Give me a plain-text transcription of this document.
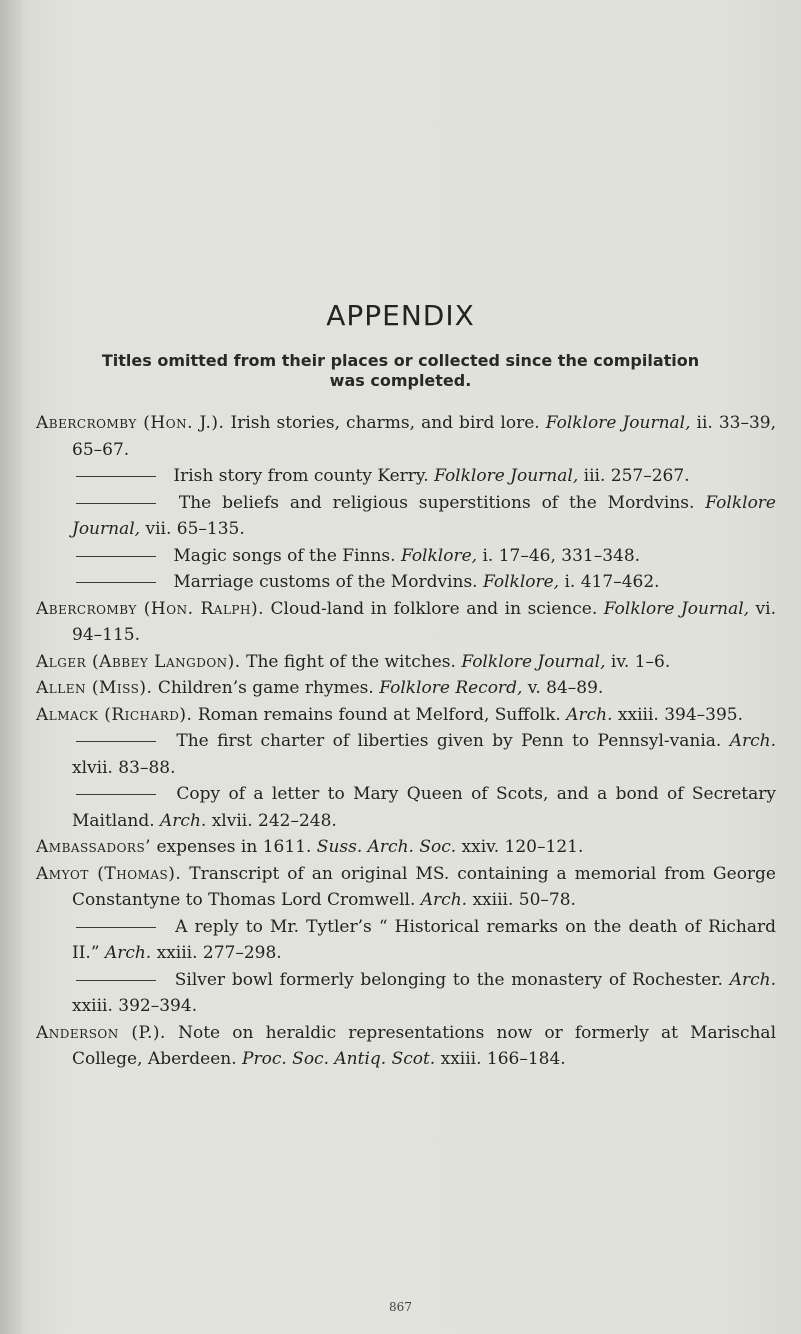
APPENDIX
Titles omitted from their places or collected since the compilation
was completed.
Abercromby (Hon. J.). Irish stories, charms, and bird lore. Folklore Journal, ii. 33–39, 65–67.
Irish story from county Kerry. Folklore Journal, iii. 257–267.
The beliefs and religious superstitions of the Mordvins. Folklore Journal, vii. 65–135.
Magic songs of the Finns. Folklore, i. 17–46, 331–348.
Marriage customs of the Mordvins. Folklore, i. 417–462.
Abercromby (Hon. Ralph). Cloud-land in folklore and in science. Folklore Journal, vi. 94–115.
Alger (Abbey Langdon). The fight of the witches. Folklore Journal, iv. 1–6.
Allen (Miss). Children’s game rhymes. Folklore Record, v. 84–89.
Almack (Richard). Roman remains found at Melford, Suffolk. Arch. xxiii. 394–395.
The first charter of liberties given by Penn to Pennsyl-vania. Arch. xlvii. 83–88.
Copy of a letter to Mary Queen of Scots, and a bond of Secretary Maitland. Arch. xlvii. 242–248.
Ambassadors’ expenses in 1611. Suss. Arch. Soc. xxiv. 120–121.
Amyot (Thomas). Transcript of an original MS. containing a memorial from George Constantyne to Thomas Lord Cromwell. Arch. xxiii. 50–78.
A reply to Mr. Tytler’s “ Historical remarks on the death of Richard II.” Arch. xxiii. 277–298.
Silver bowl formerly belonging to the monastery of Rochester. Arch. xxiii. 392–394.
Anderson (P.). Note on heraldic representations now or formerly at Marischal College, Aberdeen. Proc. Soc. Antiq. Scot. xxiii. 166–184.
867
